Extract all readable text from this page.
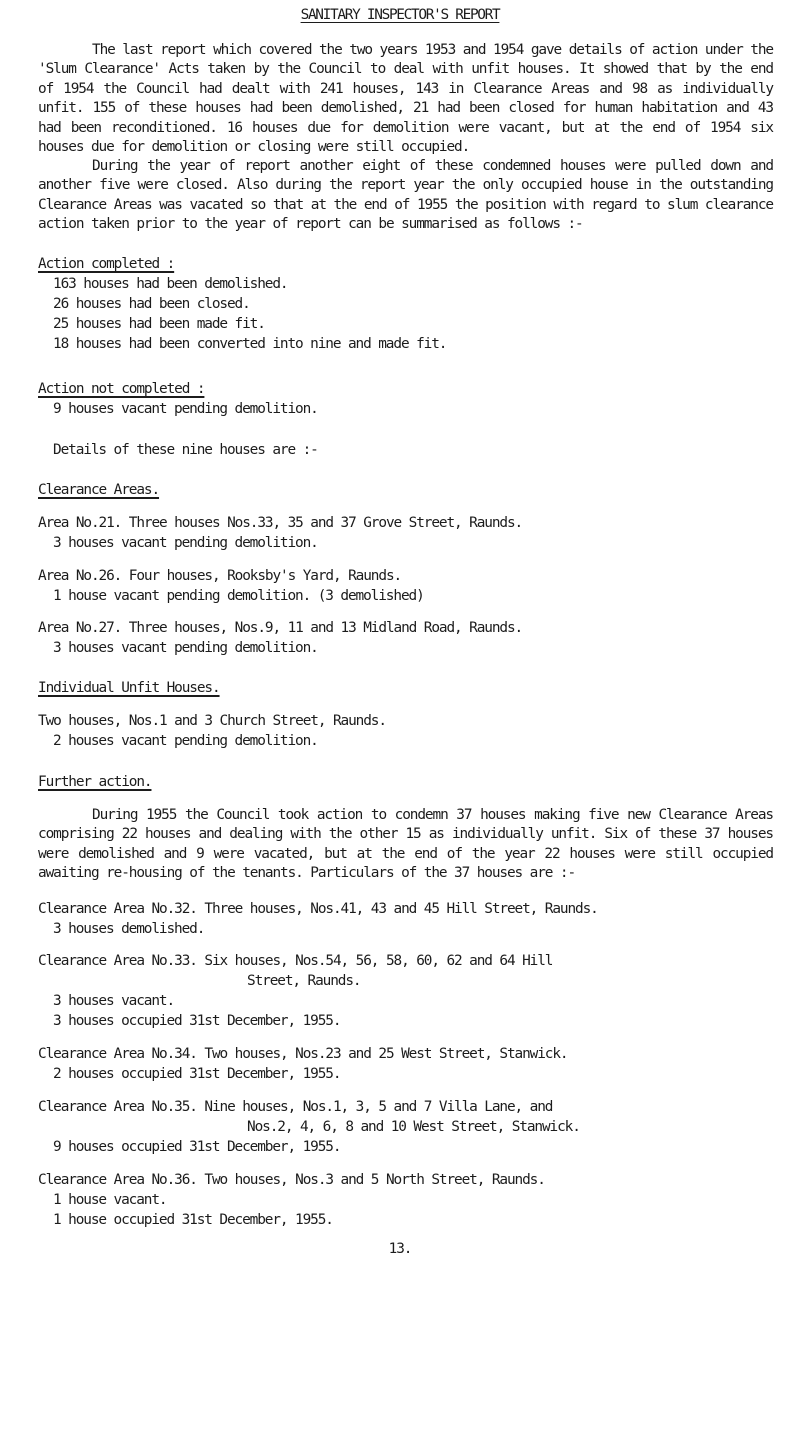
SANITARY INSPECTOR'S REPORT
The last report which covered the two years 1953 and 1954 gave details of action under the 'Slum Clearance' Acts taken by the Council to deal with unfit houses. It showed that by the end of 1954 the Council had dealt with 241 houses, 143 in Clearance Areas and 98 as individually unfit. 155 of these houses had been demolished, 21 had been closed for human habitation and 43 had been reconditioned. 16 houses due for demolition were vacant, but at the end of 1954 six houses due for demolition or closing were still occupied.
During the year of report another eight of these condemned houses were pulled down and another five were closed. Also during the report year the only occupied house in the outstanding Clearance Areas was vacated so that at the end of 1955 the position with regard to slum clearance action taken prior to the year of report can be summarised as follows :-
Action completed :
163 houses had been demolished.
26 houses had been closed.
25 houses had been made fit.
18 houses had been converted into nine and made fit.
Action not completed :
9 houses vacant pending demolition.
Details of these nine houses are :-
Clearance Areas.
Area No.21. Three houses Nos.33, 35 and 37 Grove Street, Raunds.
3 houses vacant pending demolition.
Area No.26. Four houses, Rooksby's Yard, Raunds.
1 house vacant pending demolition. (3 demolished)
Area No.27. Three houses, Nos.9, 11 and 13 Midland Road, Raunds.
3 houses vacant pending demolition.
Individual Unfit Houses.
Two houses, Nos.1 and 3 Church Street, Raunds.
2 houses vacant pending demolition.
Further action.
During 1955 the Council took action to condemn 37 houses making five new Clearance Areas comprising 22 houses and dealing with the other 15 as individually unfit. Six of these 37 houses were demolished and 9 were vacated, but at the end of the year 22 houses were still occupied awaiting re-housing of the tenants. Particulars of the 37 houses are :-
Clearance Area No.32. Three houses, Nos.41, 43 and 45 Hill Street, Raunds.
3 houses demolished.
Clearance Area No.33. Six houses, Nos.54, 56, 58, 60, 62 and 64 Hill
Street, Raunds.
3 houses vacant.
3 houses occupied 31st December, 1955.
Clearance Area No.34. Two houses, Nos.23 and 25 West Street, Stanwick.
2 houses occupied 31st December, 1955.
Clearance Area No.35. Nine houses, Nos.1, 3, 5 and 7 Villa Lane, and
Nos.2, 4, 6, 8 and 10 West Street, Stanwick.
9 houses occupied 31st December, 1955.
Clearance Area No.36. Two houses, Nos.3 and 5 North Street, Raunds.
1 house vacant.
1 house occupied 31st December, 1955.
13.
